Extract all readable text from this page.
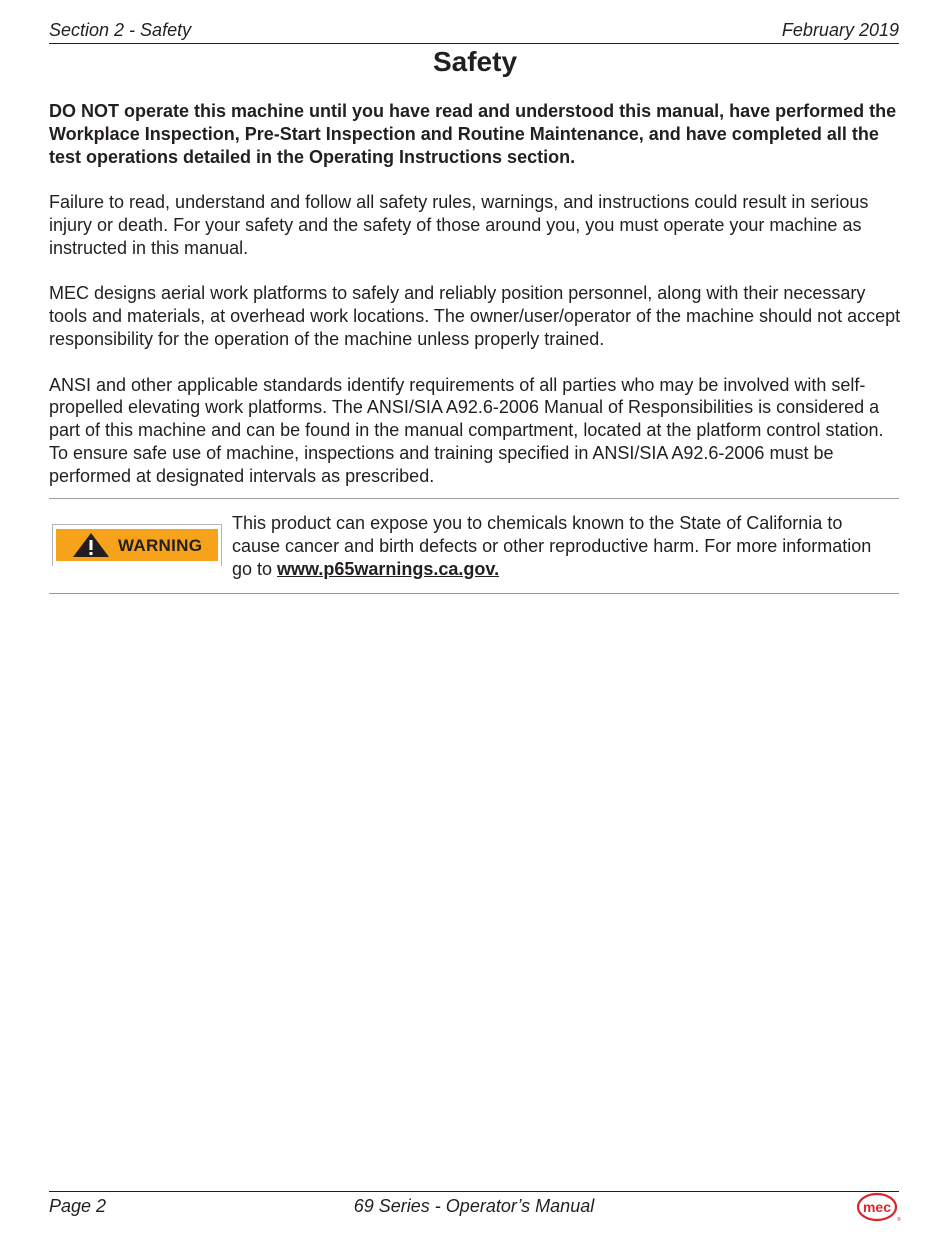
Section 2 - Safety	February 2019
Safety

DO NOT operate this machine until you have read and understood this manual, have performed the Workplace Inspection, Pre-Start Inspection and Routine Maintenance, and have completed all the test operations detailed in the Operating Instructions section.

Failure to read, understand and follow all safety rules, warnings, and instructions could result in serious injury or death. For your safety and the safety of those around you, you must operate your machine as instructed in this manual.

MEC designs aerial work platforms to safely and reliably position personnel, along with their necessary tools and materials, at overhead work locations. The owner/user/operator of the machine should not accept responsibility for the operation of the machine unless properly trained.

ANSI and other applicable standards identify requirements of all parties who may be involved with self-propelled elevating work platforms. The ANSI/SIA A92.6-2006 Manual of Responsibilities is considered a part of this machine and can be found in the manual compartment, located at the platform control station. To ensure safe use of machine, inspections and training specified in ANSI/SIA A92.6-2006 must be performed at designated intervals as prescribed.

WARNING
This product can expose you to chemicals known to the State of California to cause cancer and birth defects or other reproductive harm. For more information go to www.p65warnings.ca.gov.
Page 2	69 Series - Operator’s Manual	mec
®
